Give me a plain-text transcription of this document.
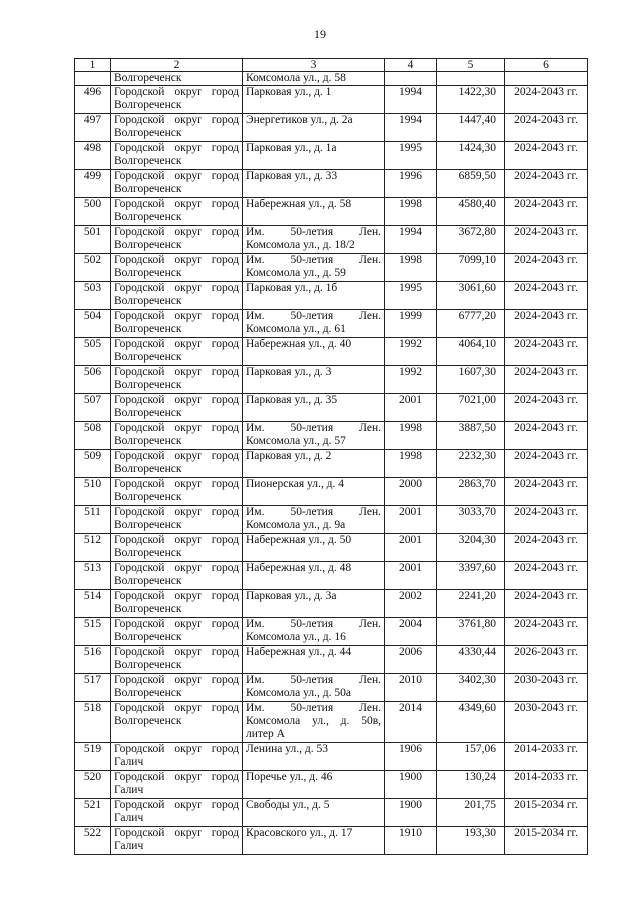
19
1	2	3	4	5	6
	Волгореченск	Комсомола ул., д. 58			
496	Городской округ город Волгореченск	Парковая ул., д. 1	1994	1422,30	2024-2043 гг.
497	Городской округ город Волгореченск	Энергетиков ул., д. 2а	1994	1447,40	2024-2043 гг.
498	Городской округ город Волгореченск	Парковая ул., д. 1а	1995	1424,30	2024-2043 гг.
499	Городской округ город Волгореченск	Парковая ул., д. 33	1996	6859,50	2024-2043 гг.
500	Городской округ город Волгореченск	Набережная ул., д. 58	1998	4580,40	2024-2043 гг.
501	Городской округ город Волгореченск	Им. 50-летия Лен. Комсомола ул., д. 18/2	1994	3672,80	2024-2043 гг.
502	Городской округ город Волгореченск	Им. 50-летия Лен. Комсомола ул., д. 59	1998	7099,10	2024-2043 гг.
503	Городской округ город Волгореченск	Парковая ул., д. 1б	1995	3061,60	2024-2043 гг.
504	Городской округ город Волгореченск	Им. 50-летия Лен. Комсомола ул., д. 61	1999	6777,20	2024-2043 гг.
505	Городской округ город Волгореченск	Набережная ул., д. 40	1992	4064,10	2024-2043 гг.
506	Городской округ город Волгореченск	Парковая ул., д. 3	1992	1607,30	2024-2043 гг.
507	Городской округ город Волгореченск	Парковая ул., д. 35	2001	7021,00	2024-2043 гг.
508	Городской округ город Волгореченск	Им. 50-летия Лен. Комсомола ул., д. 57	1998	3887,50	2024-2043 гг.
509	Городской округ город Волгореченск	Парковая ул., д. 2	1998	2232,30	2024-2043 гг.
510	Городской округ город Волгореченск	Пионерская ул., д. 4	2000	2863,70	2024-2043 гг.
511	Городской округ город Волгореченск	Им. 50-летия Лен. Комсомола ул., д. 9а	2001	3033,70	2024-2043 гг.
512	Городской округ город Волгореченск	Набережная ул., д. 50	2001	3204,30	2024-2043 гг.
513	Городской округ город Волгореченск	Набережная ул., д. 48	2001	3397,60	2024-2043 гг.
514	Городской округ город Волгореченск	Парковая ул., д. 3а	2002	2241,20	2024-2043 гг.
515	Городской округ город Волгореченск	Им. 50-летия Лен. Комсомола ул., д. 16	2004	3761,80	2024-2043 гг.
516	Городской округ город Волгореченск	Набережная ул., д. 44	2006	4330,44	2026-2043 гг.
517	Городской округ город Волгореченск	Им. 50-летия Лен. Комсомола ул., д. 50а	2010	3402,30	2030-2043 гг.
518	Городской округ город Волгореченск	Им. 50-летия Лен. Комсомола ул., д. 50в, литер А	2014	4349,60	2030-2043 гг.
519	Городской округ город Галич	Ленина ул., д. 53	1906	157,06	2014-2033 гг.
520	Городской округ город Галич	Поречье ул., д. 46	1900	130,24	2014-2033 гг.
521	Городской округ город Галич	Свободы ул., д. 5	1900	201,75	2015-2034 гг.
522	Городской округ город Галич	Красовского ул., д. 17	1910	193,30	2015-2034 гг.
